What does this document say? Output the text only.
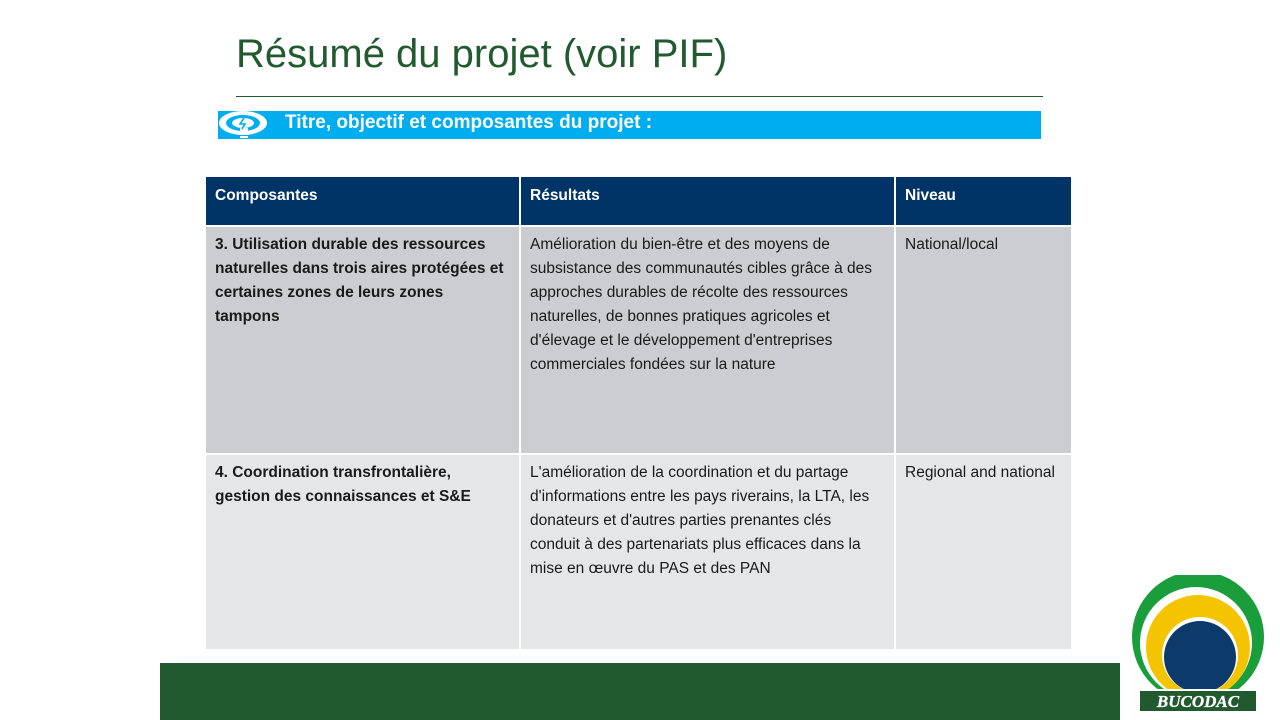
Résumé du projet (voir PIF)
Titre, objectif et composantes du projet :
Composantes	Résultats	Niveau
3. Utilisation durable des ressources naturelles dans trois aires protégées et certaines zones de leurs zones tampons	Amélioration du bien-être et des moyens de subsistance des communautés cibles grâce à des approches durables de récolte des ressources naturelles, de bonnes pratiques agricoles et d'élevage et le développement d'entreprises commerciales fondées sur la nature	National/local
4. Coordination transfrontalière, gestion des connaissances et S&E	L'amélioration de la coordination et du partage d'informations entre les pays riverains, la LTA, les donateurs et d'autres parties prenantes clés conduit à des partenariats plus efficaces dans la mise en œuvre du PAS et des PAN	Regional and national
BUCODAC
